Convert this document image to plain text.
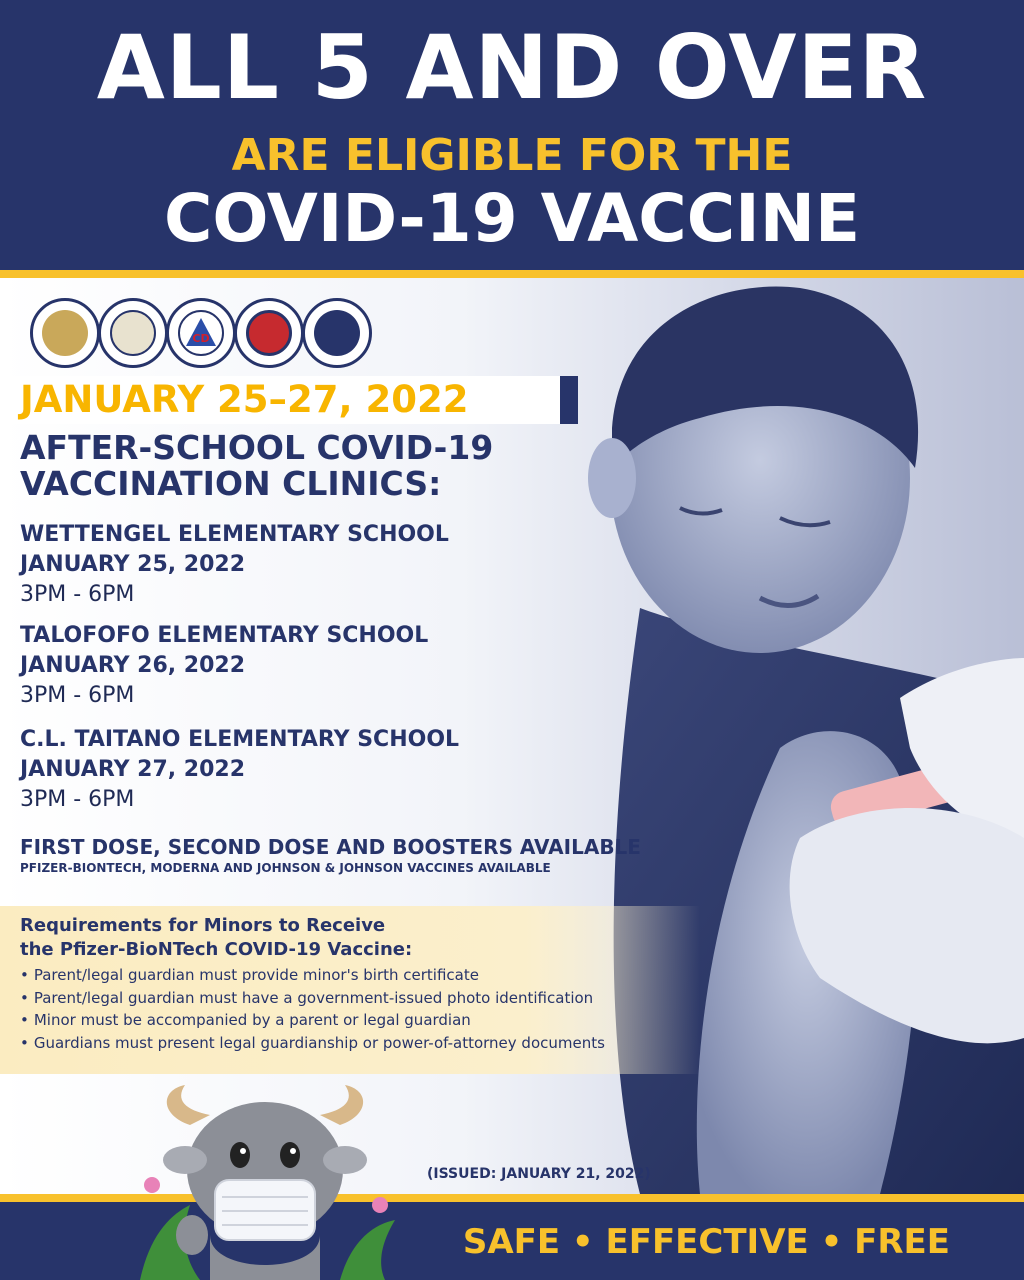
ALL 5 AND OVER
ARE ELIGIBLE FOR THE
COVID-19 VACCINE
CD
JANUARY 25–27, 2022
AFTER-SCHOOL COVID-19
VACCINATION CLINICS:
WETTENGEL ELEMENTARY SCHOOL
JANUARY 25, 2022
3PM - 6PM
TALOFOFO ELEMENTARY SCHOOL
JANUARY 26, 2022
3PM - 6PM
C.L. TAITANO ELEMENTARY SCHOOL
JANUARY 27, 2022
3PM - 6PM
FIRST DOSE, SECOND DOSE AND BOOSTERS AVAILABLE
PFIZER-BIONTECH, MODERNA AND JOHNSON & JOHNSON VACCINES AVAILABLE
Requirements for Minors to Receive
the Pfizer-BioNTech COVID-19 Vaccine:
• Parent/legal guardian must provide minor's birth certificate
• Parent/legal guardian must have a government-issued photo identification
• Minor must be accompanied by a parent or legal guardian
• Guardians must present legal guardianship or power-of-attorney documents
(ISSUED: JANUARY 21, 2022)
SAFE • EFFECTIVE • FREE
